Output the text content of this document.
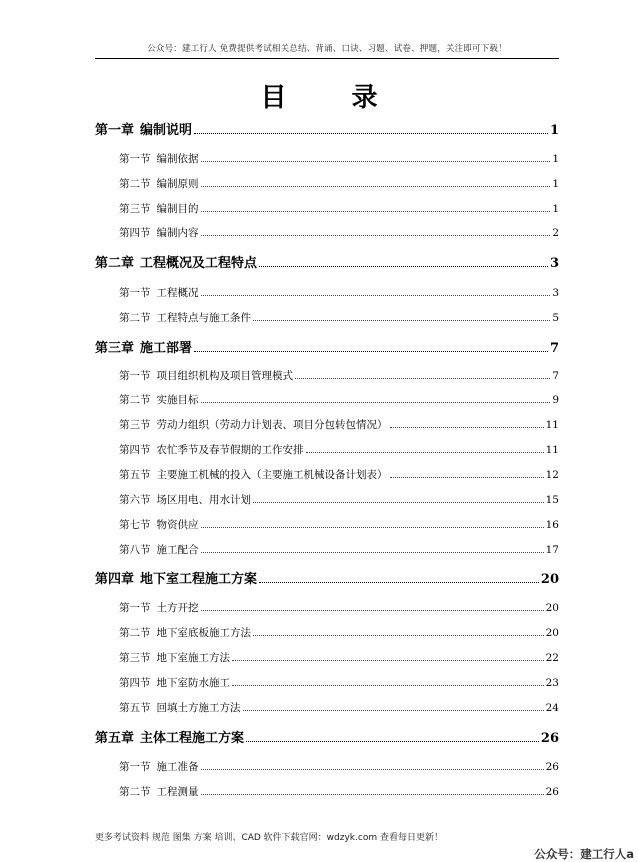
公众号：建工行人 免费提供考试相关总结、背诵、口诀、习题、试卷、押题，关注即可下载！
目 录
第一章 编制说明	1
第一节 编制依据	1
第二节 编制原则	1
第三节 编制目的	1
第四节 编制内容	2
第二章 工程概况及工程特点	3
第一节 工程概况	3
第二节 工程特点与施工条件	5
第三章 施工部署	7
第一节 项目组织机构及项目管理模式	7
第二节 实施目标	9
第三节 劳动力组织（劳动力计划表、项目分包转包情况）	11
第四节 农忙季节及春节假期的工作安排	11
第五节 主要施工机械的投入（主要施工机械设备计划表）	12
第六节 场区用电、用水计划	15
第七节 物资供应	16
第八节 施工配合	17
第四章 地下室工程施工方案	20
第一节 土方开挖	20
第二节 地下室底板施工方法	20
第三节 地下室施工方法	22
第四节 地下室防水施工	23
第五节 回填土方施工方法	24
第五章 主体工程施工方案	26
第一节 施工准备	26
第二节 工程测量	26
更多考试资料 规范 图集 方案 培训、CAD 软件下载官网：wdzyk.com 查看每日更新！
公众号：建工行人a
